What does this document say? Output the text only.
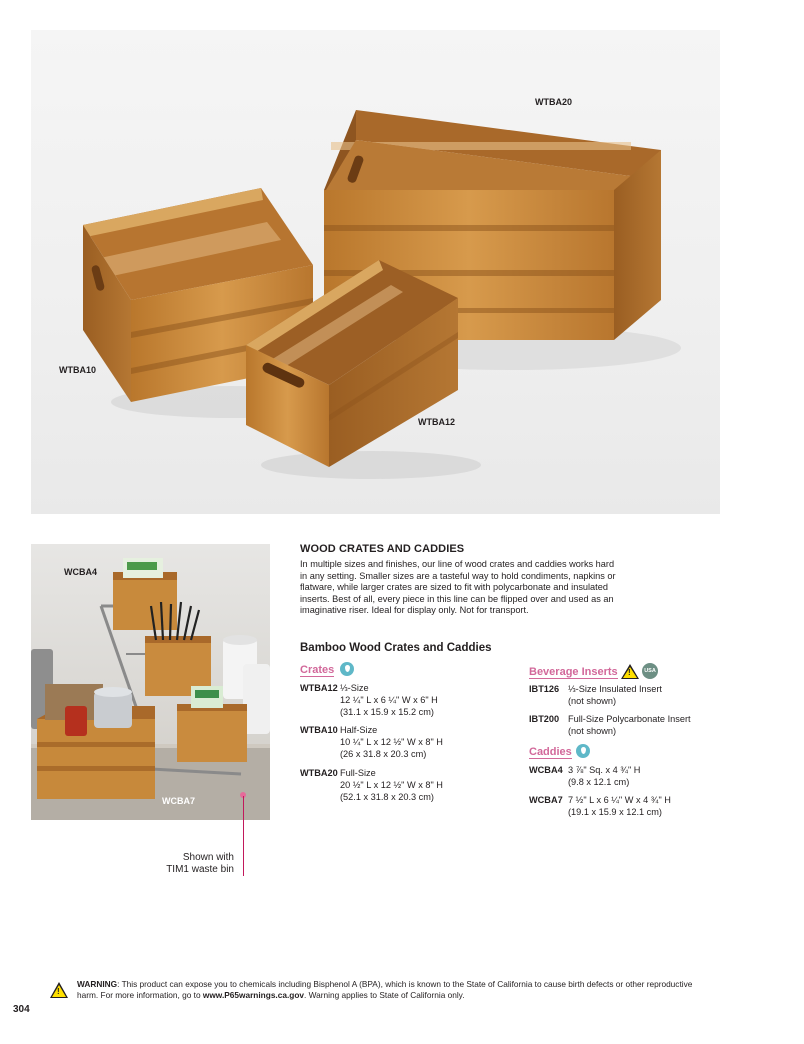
WTBA20
WTBA10
WTBA12
WCBA4
WCBA7
Shown with
TIM1 waste bin
WOOD CRATES AND CADDIES
In multiple sizes and finishes, our line of wood crates and caddies works hard
in any setting. Smaller sizes are a tasteful way to hold condiments, napkins or
flatware, while larger crates are sized to fit with polycarbonate and insulated
inserts. Best of all, every piece in this line can be flipped over and used as an
imaginative riser. Ideal for display only. Not for transport.
Bamboo Wood Crates and Caddies
Crates
WTBA12 ⅓-Size
12 ¼" L x 6 ¼" W x 6" H
(31.1 x 15.9 x 15.2 cm)
WTBA10 Half-Size
10 ¼" L x 12 ½" W x 8" H
(26 x 31.8 x 20.3 cm)
WTBA20 Full-Size
20 ½" L x 12 ½" W x 8" H
(52.1 x 31.8 x 20.3 cm)
Beverage Inserts !	USA
IBT126 ⅓-Size Insulated Insert
(not shown)
IBT200 Full-Size Polycarbonate Insert
(not shown)
Caddies
WCBA4 3 ⅞" Sq. x 4 ¾" H
(9.8 x 12.1 cm)
WCBA7 7 ½" L x 6 ¼" W x 4 ¾" H
(19.1 x 15.9 x 12.1 cm)
!
WARNING: This product can expose you to chemicals including Bisphenol A (BPA), which is known to the State of California to cause birth defects or other reproductive
harm. For more information, go to www.P65warnings.ca.gov. Warning applies to State of California only.
304
